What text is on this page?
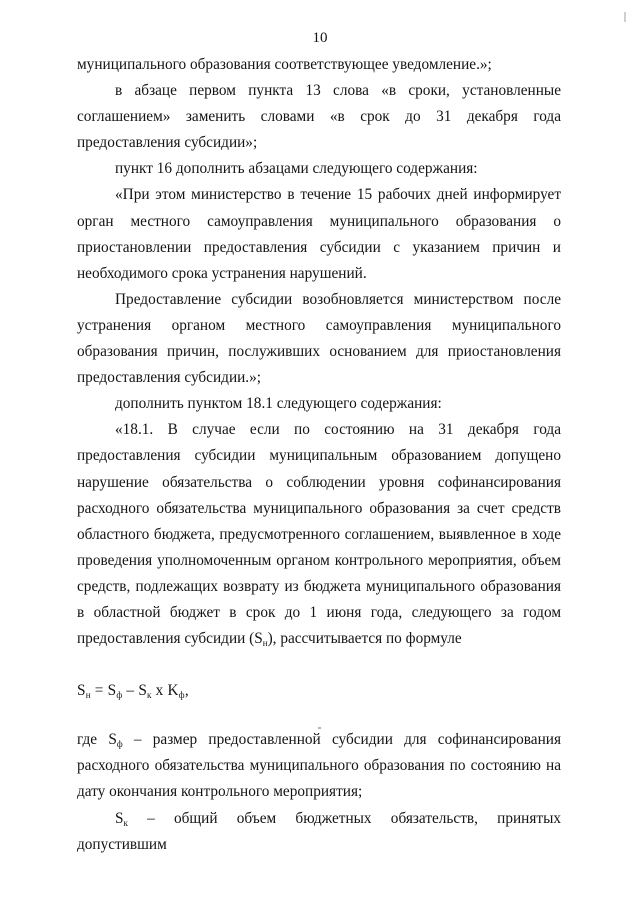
10

муниципального образования соответствующее уведомление.»;

в абзаце первом пункта 13 слова «в сроки, установленные соглашением» заменить словами «в срок до 31 декабря года предоставления субсидии»;

пункт 16 дополнить абзацами следующего содержания:

«При этом министерство в течение 15 рабочих дней информирует орган местного самоуправления муниципального образования о приостановлении предоставления субсидии с указанием причин и необходимого срока устранения нарушений.

Предоставление субсидии возобновляется министерством после устранения органом местного самоуправления муниципального образования причин, послуживших основанием для приостановления предоставления субсидии.»;

дополнить пунктом 18.1 следующего содержания:

«18.1. В случае если по состоянию на 31 декабря года предоставления субсидии муниципальным образованием допущено нарушение обязательства о соблюдении уровня софинансирования расходного обязательства муниципального образования за счет средств областного бюджета, предусмотренного соглашением, выявленное в ходе проведения уполномоченным органом контрольного мероприятия, объем средств, подлежащих возврату из бюджета муниципального образования в областной бюджет в срок до 1 июня года, следующего за годом предоставления субсидии $(S_н)$, рассчитывается по формуле

$S_н = S_ф - S_к$ х $K_ф$,

где $S_ф$ – размер предоставленной субсидии для софинансирования расходного обязательства муниципального образования по состоянию на дату окончания контрольного мероприятия;

$S_к$ – общий объем бюджетных обязательств, принятых допустившим
